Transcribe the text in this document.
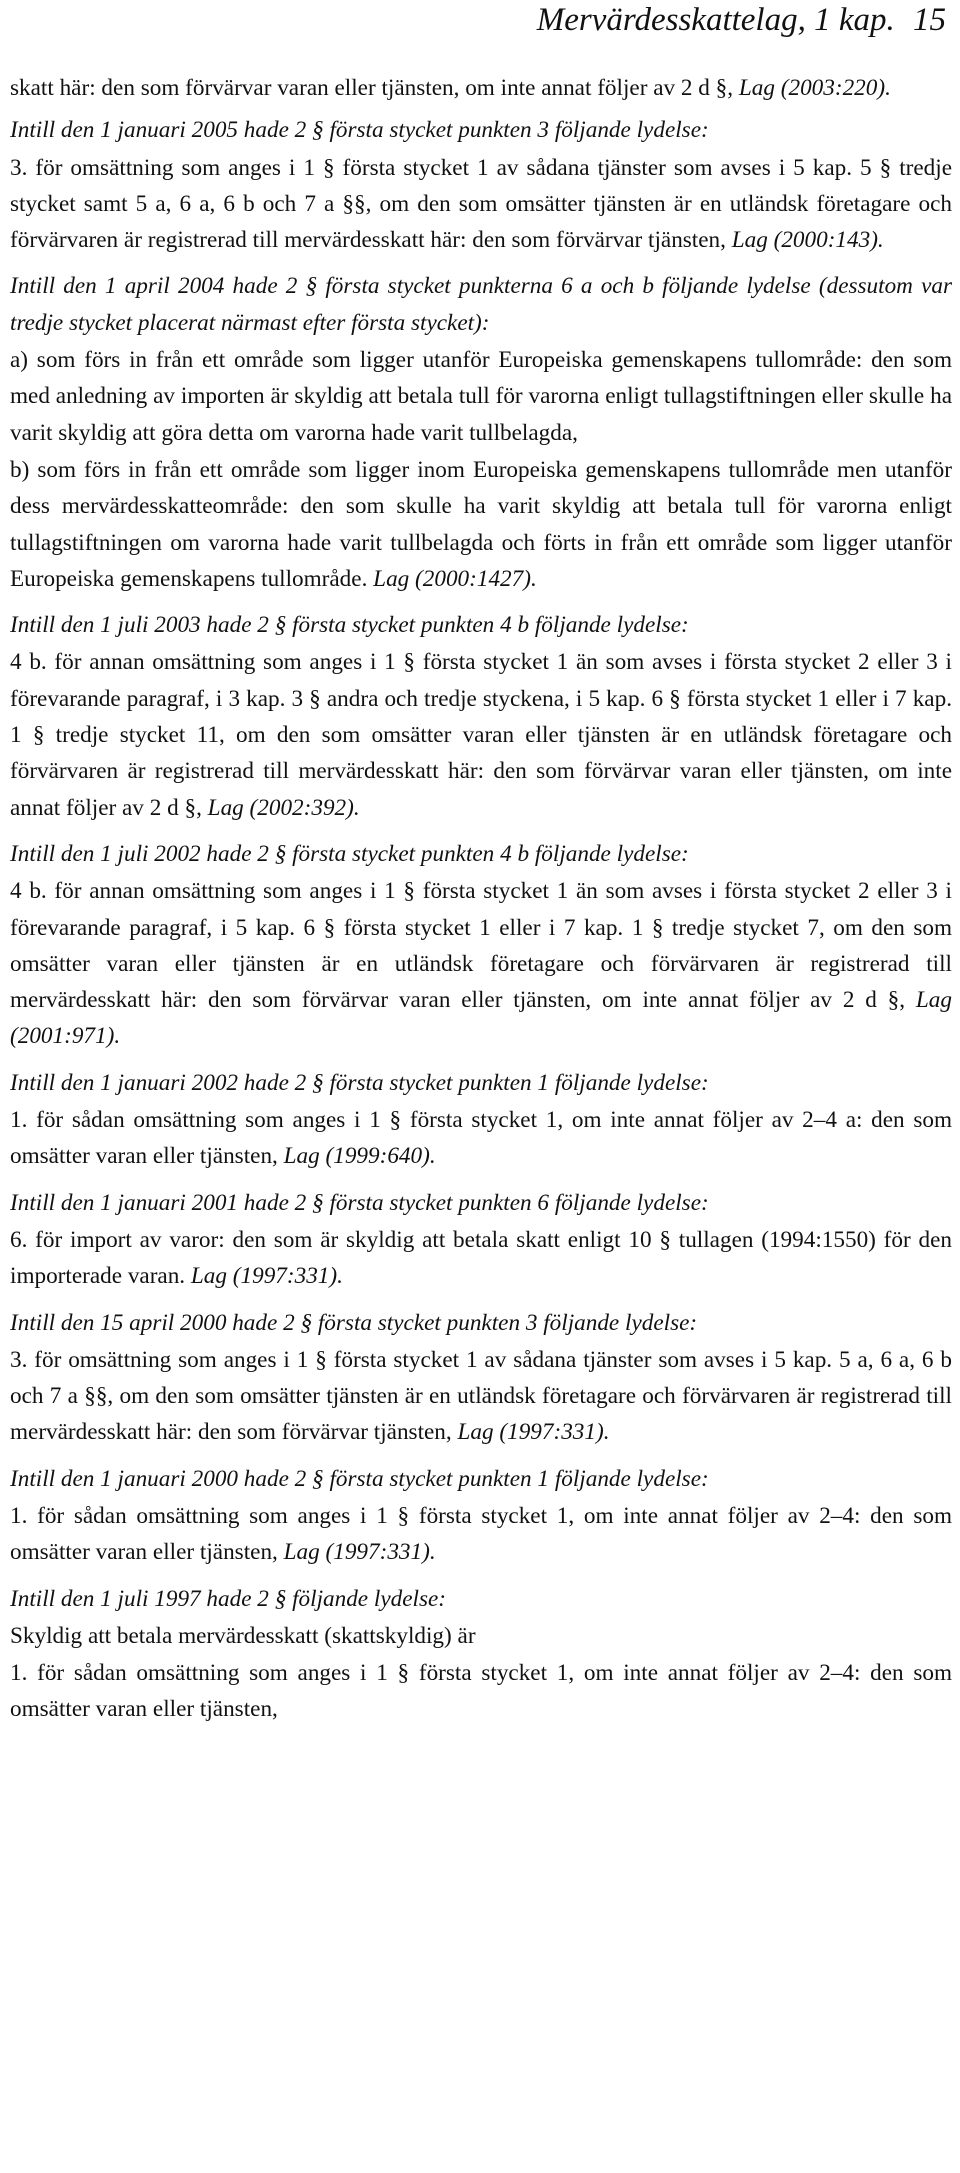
Mervärdesskattelag, 1 kap. 15

skatt här: den som förvärvar varan eller tjänsten, om inte annat följer av 2 d §, Lag (2003:220).

Intill den 1 januari 2005 hade 2 § första stycket punkten 3 följande lydelse:

3. för omsättning som anges i 1 § första stycket 1 av sådana tjänster som avses i 5 kap. 5 § tredje stycket samt 5 a, 6 a, 6 b och 7 a §§, om den som omsätter tjänsten är en utländsk företagare och förvärvaren är registrerad till mervärdesskatt här: den som förvärvar tjänsten, Lag (2000:143).

Intill den 1 april 2004 hade 2 § första stycket punkterna 6 a och b följande lydelse (dessutom var tredje stycket placerat närmast efter första stycket):

a) som förs in från ett område som ligger utanför Europeiska gemenskapens tullområde: den som med anledning av importen är skyldig att betala tull för varorna enligt tullagstiftningen eller skulle ha varit skyldig att göra detta om varorna hade varit tullbelagda,

b) som förs in från ett område som ligger inom Europeiska gemenskapens tullområde men utanför dess mervärdesskatteområde: den som skulle ha varit skyldig att betala tull för varorna enligt tullagstiftningen om varorna hade varit tullbelagda och förts in från ett område som ligger utanför Europeiska gemenskapens tullområde. Lag (2000:1427).

Intill den 1 juli 2003 hade 2 § första stycket punkten 4 b följande lydelse:

4 b. för annan omsättning som anges i 1 § första stycket 1 än som avses i första stycket 2 eller 3 i förevarande paragraf, i 3 kap. 3 § andra och tredje styckena, i 5 kap. 6 § första stycket 1 eller i 7 kap. 1 § tredje stycket 11, om den som omsätter varan eller tjänsten är en utländsk företagare och förvärvaren är registrerad till mervärdesskatt här: den som förvärvar varan eller tjänsten, om inte annat följer av 2 d §, Lag (2002:392).

Intill den 1 juli 2002 hade 2 § första stycket punkten 4 b följande lydelse:

4 b. för annan omsättning som anges i 1 § första stycket 1 än som avses i första stycket 2 eller 3 i förevarande paragraf, i 5 kap. 6 § första stycket 1 eller i 7 kap. 1 § tredje stycket 7, om den som omsätter varan eller tjänsten är en utländsk företagare och förvärvaren är registrerad till mervärdesskatt här: den som förvärvar varan eller tjänsten, om inte annat följer av 2 d §, Lag (2001:971).

Intill den 1 januari 2002 hade 2 § första stycket punkten 1 följande lydelse:

1. för sådan omsättning som anges i 1 § första stycket 1, om inte annat följer av 2–4 a: den som omsätter varan eller tjänsten, Lag (1999:640).

Intill den 1 januari 2001 hade 2 § första stycket punkten 6 följande lydelse:

6. för import av varor: den som är skyldig att betala skatt enligt 10 § tullagen (1994:1550) för den importerade varan. Lag (1997:331).

Intill den 15 april 2000 hade 2 § första stycket punkten 3 följande lydelse:

3. för omsättning som anges i 1 § första stycket 1 av sådana tjänster som avses i 5 kap. 5 a, 6 a, 6 b och 7 a §§, om den som omsätter tjänsten är en utländsk företagare och förvärvaren är registrerad till mervärdesskatt här: den som förvärvar tjänsten, Lag (1997:331).

Intill den 1 januari 2000 hade 2 § första stycket punkten 1 följande lydelse:

1. för sådan omsättning som anges i 1 § första stycket 1, om inte annat följer av 2–4: den som omsätter varan eller tjänsten, Lag (1997:331).

Intill den 1 juli 1997 hade 2 § följande lydelse:

Skyldig att betala mervärdesskatt (skattskyldig) är

1. för sådan omsättning som anges i 1 § första stycket 1, om inte annat följer av 2–4: den som omsätter varan eller tjänsten,
